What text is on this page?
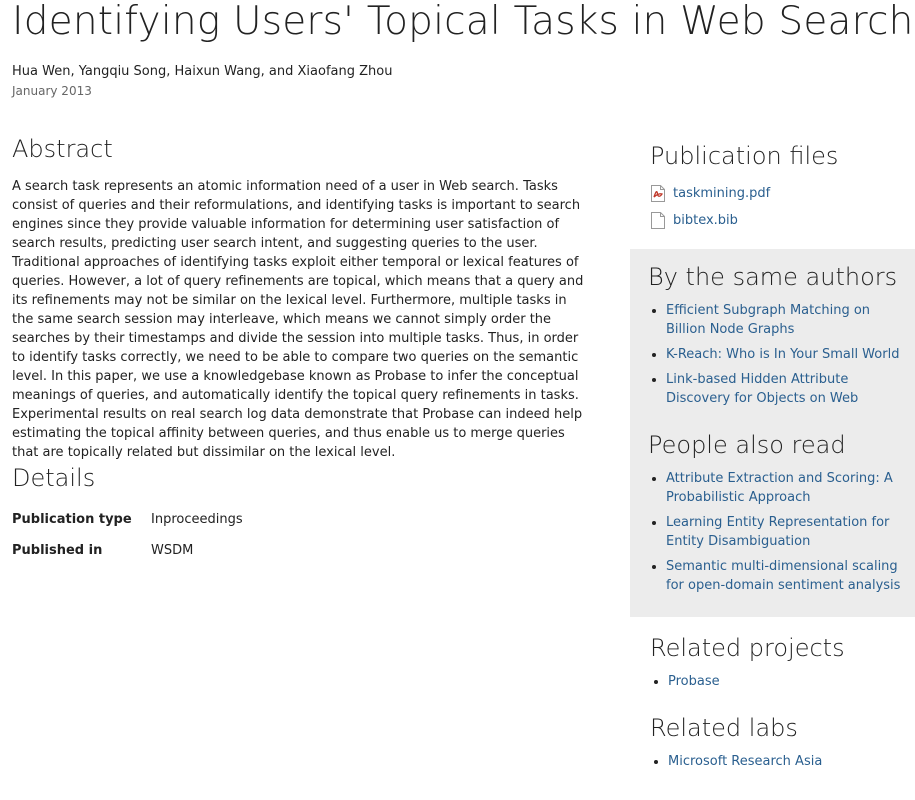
Identifying Users' Topical Tasks in Web Search
Hua Wen, Yangqiu Song, Haixun Wang, and Xiaofang Zhou
January 2013
Abstract

A search task represents an atomic information need of a user in Web search. Tasks consist of queries and their reformulations, and identifying tasks is important to search engines since they provide valuable information for determining user satisfaction of search results, predicting user search intent, and suggesting queries to the user. Traditional approaches of identifying tasks exploit either temporal or lexical features of queries. However, a lot of query refinements are topical, which means that a query and its refinements may not be similar on the lexical level. Furthermore, multiple tasks in the same search session may interleave, which means we cannot simply order the searches by their timestamps and divide the session into multiple tasks. Thus, in order to identify tasks correctly, we need to be able to compare two queries on the semantic level. In this paper, we use a knowledgebase known as Probase to infer the conceptual meanings of queries, and automatically identify the topical query refinements in tasks. Experimental results on real search log data demonstrate that Probase can indeed help estimating the topical affinity between queries, and thus enable us to merge queries that are topically related but dissimilar on the lexical level.

Details
Publication type	Inproceedings
Published in	WSDM
Publication files
taskmining.pdf
bibtex.bib
By the same authors
• Efficient Subgraph Matching on Billion Node Graphs
• K-Reach: Who is In Your Small World
• Link-based Hidden Attribute Discovery for Objects on Web
People also read
• Attribute Extraction and Scoring: A Probabilistic Approach
• Learning Entity Representation for Entity Disambiguation
• Semantic multi-dimensional scaling for open-domain sentiment analysis
Related projects
• Probase
Related labs
• Microsoft Research Asia
